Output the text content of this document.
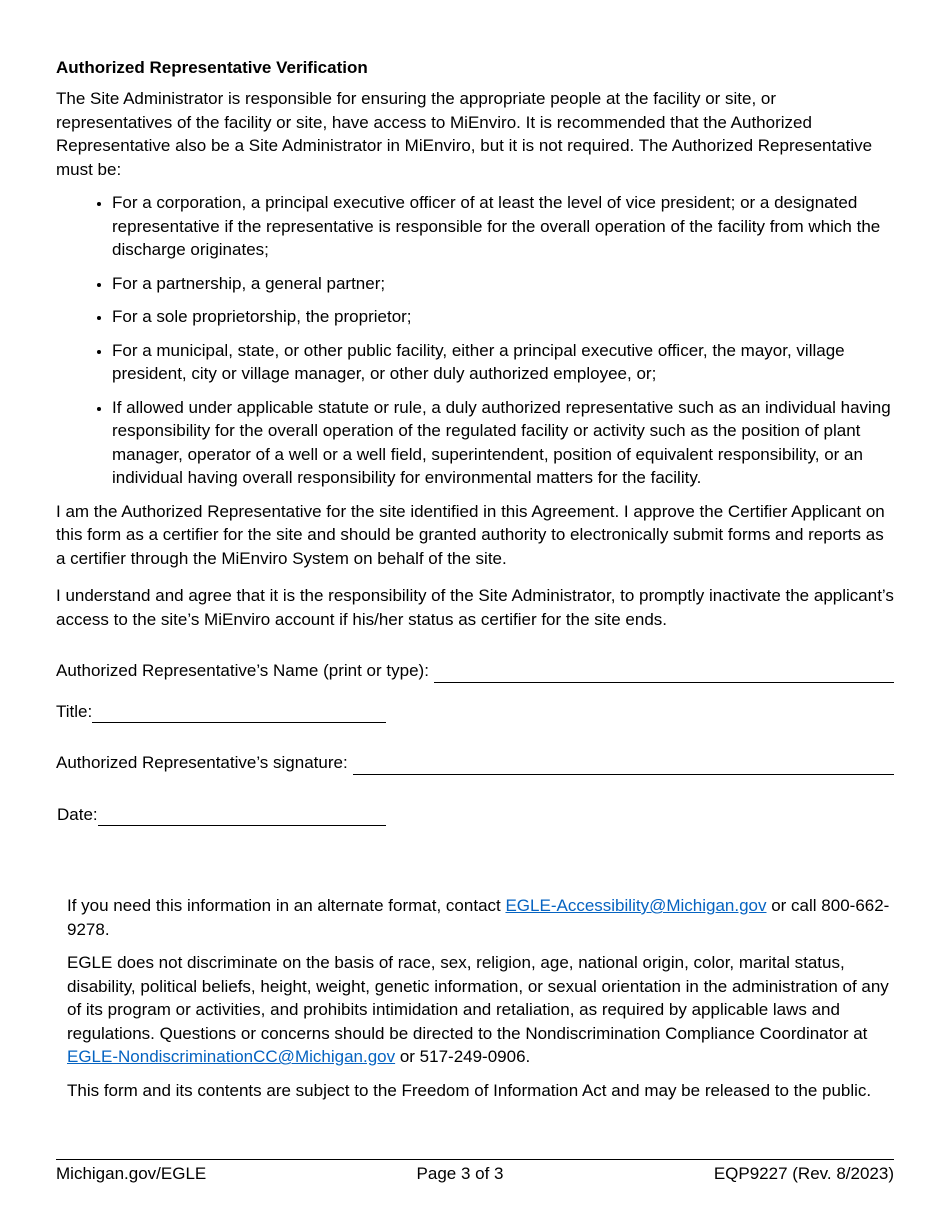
Authorized Representative Verification

The Site Administrator is responsible for ensuring the appropriate people at the facility or site, or representatives of the facility or site, have access to MiEnviro. It is recommended that the Authorized Representative also be a Site Administrator in MiEnviro, but it is not required. The Authorized Representative must be:

• For a corporation, a principal executive officer of at least the level of vice president; or a designated representative if the representative is responsible for the overall operation of the facility from which the discharge originates;
• For a partnership, a general partner;
• For a sole proprietorship, the proprietor;
• For a municipal, state, or other public facility, either a principal executive officer, the mayor, village president, city or village manager, or other duly authorized employee, or;
• If allowed under applicable statute or rule, a duly authorized representative such as an individual having responsibility for the overall operation of the regulated facility or activity such as the position of plant manager, operator of a well or a well field, superintendent, position of equivalent responsibility, or an individual having overall responsibility for environmental matters for the facility.

I am the Authorized Representative for the site identified in this Agreement. I approve the Certifier Applicant on this form as a certifier for the site and should be granted authority to electronically submit forms and reports as a certifier through the MiEnviro System on behalf of the site.

I understand and agree that it is the responsibility of the Site Administrator, to promptly inactivate the applicant’s access to the site’s MiEnviro account if his/her status as certifier for the site ends.

Authorized Representative’s Name (print or type):
Title:
Authorized Representative’s signature:
Date:

If you need this information in an alternate format, contact EGLE-Accessibility@Michigan.gov or call 800-662-9278.

EGLE does not discriminate on the basis of race, sex, religion, age, national origin, color, marital status, disability, political beliefs, height, weight, genetic information, or sexual orientation in the administration of any of its program or activities, and prohibits intimidation and retaliation, as required by applicable laws and regulations. Questions or concerns should be directed to the Nondiscrimination Compliance Coordinator at EGLE-NondiscriminationCC@Michigan.gov or 517-249-0906.

This form and its contents are subject to the Freedom of Information Act and may be released to the public.

Michigan.gov/EGLE	Page 3 of 3	EQP9227 (Rev. 8/2023)
